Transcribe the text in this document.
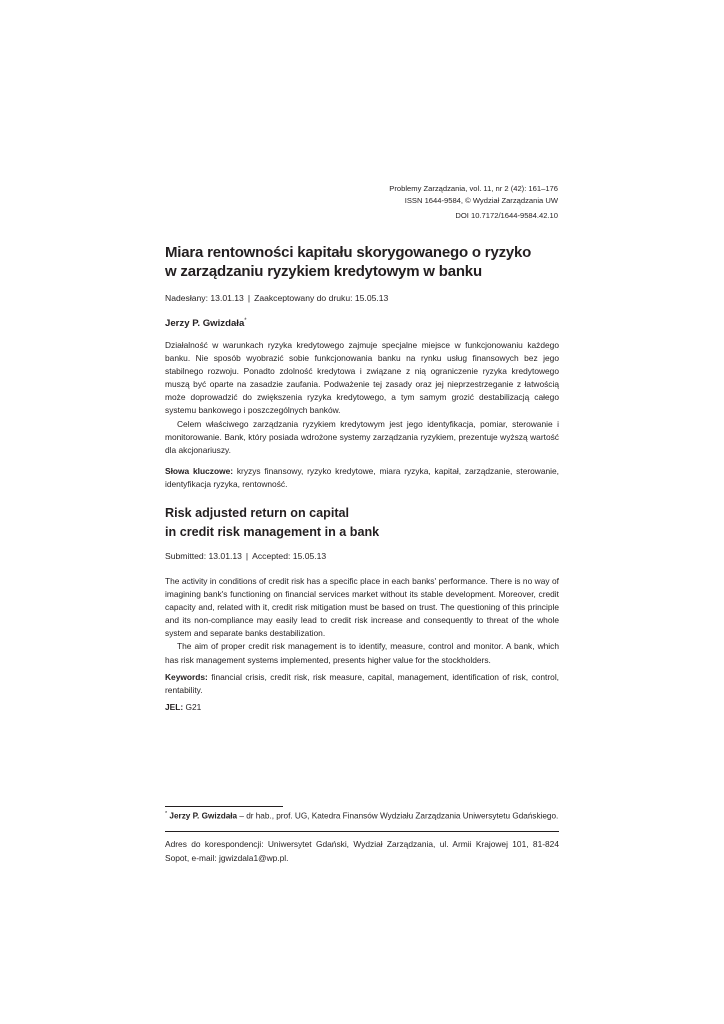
Problemy Zarządzania, vol. 11, nr 2 (42): 161–176
ISSN 1644-9584, © Wydział Zarządzania UW
DOI 10.7172/1644-9584.42.10
Miara rentowności kapitału skorygowanego o ryzyko
w zarządzaniu ryzykiem kredytowym w banku
Nadesłany: 13.01.13 | Zaakceptowany do druku: 15.05.13
Jerzy P. Gwizdała*

Działalność w warunkach ryzyka kredytowego zajmuje specjalne miejsce w funkcjonowaniu każdego banku. Nie sposób wyobrazić sobie funkcjonowania banku na rynku usług finansowych bez jego stabilnego rozwoju. Ponadto zdolność kredytowa i związane z nią ograniczenie ryzyka kredytowego muszą być oparte na zasadzie zaufania. Podważenie tej zasady oraz jej nieprzestrzeganie z łatwością może doprowadzić do zwiększenia ryzyka kredytowego, a tym samym grozić destabilizacją całego systemu bankowego i poszczególnych banków.

Celem właściwego zarządzania ryzykiem kredytowym jest jego identyfikacja, pomiar, sterowanie i monitorowanie. Bank, który posiada wdrożone systemy zarządzania ryzykiem, prezentuje wyższą wartość dla akcjonariuszy.

Słowa kluczowe: kryzys finansowy, ryzyko kredytowe, miara ryzyka, kapitał, zarządzanie, sterowanie, identyfikacja ryzyka, rentowność.
Risk adjusted return on capital
in credit risk management in a bank
Submitted: 13.01.13 | Accepted: 15.05.13

The activity in conditions of credit risk has a specific place in each banks' performance. There is no way of imagining bank's functioning on financial services market without its stable development. Moreover, credit capacity and, related with it, credit risk mitigation must be based on trust. The questioning of this principle and its non-compliance may easily lead to credit risk increase and consequently to threat of the whole system and separate banks destabilization.

The aim of proper credit risk management is to identify, measure, control and monitor. A bank, which has risk management systems implemented, presents higher value for the stockholders.

Keywords: financial crisis, credit risk, risk measure, capital, management, identification of risk, control, rentability.
JEL: G21
* Jerzy P. Gwizdała – dr hab., prof. UG, Katedra Finansów Wydziału Zarządzania Uniwersytetu Gdańskiego.
Adres do korespondencji: Uniwersytet Gdański, Wydział Zarządzania, ul. Armii Krajowej 101, 81-824 Sopot, e-mail: jgwizdala1@wp.pl.
